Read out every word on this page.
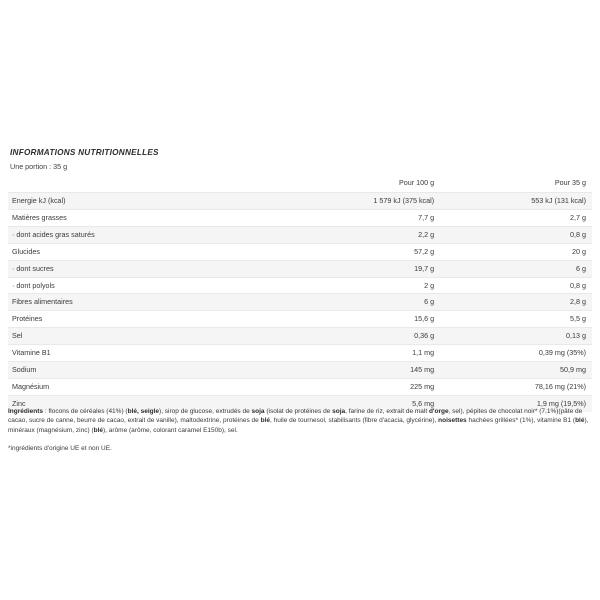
INFORMATIONS NUTRITIONNELLES
Une portion : 35 g
	Pour 100 g	Pour 35 g
Energie kJ (kcal)	1 579 kJ (375 kcal)	553 kJ (131 kcal)
Matières grasses	7,7 g	2,7 g
· dont acides gras saturés	2,2 g	0,8 g
Glucides	57,2 g	20 g
· dont sucres	19,7 g	6 g
· dont polyols	2 g	0,8 g
Fibres alimentaires	6 g	2,8 g
Protéines	15,6 g	5,5 g
Sel	0,36 g	0,13 g
Vitamine B1	1,1 mg	0,39 mg (35%)
Sodium	145 mg	50,9 mg
Magnésium	225 mg	78,16 mg (21%)
Zinc	5,6 mg	1,9 mg (19,5%)
Ingrédients : flocons de céréales (41%) (blé, seigle), sirop de glucose, extrudés de soja (isolat de protéines de soja, farine de riz, extrait de malt d'orge, sel), pépites de chocolat noir* (7,1%)(pâte de cacao, sucre de canne, beurre de cacao, extrait de vanille), maltodextrine, protéines de blé, huile de tournesol, stabilisants (fibre d'acacia, glycérine), noisettes hachées grillées* (1%), vitamine B1 (blé), minéraux (magnésium, zinc) (blé), arôme (arôme, colorant caramel E150b), sel.
*ingrédients d'origine UE et non UE.
